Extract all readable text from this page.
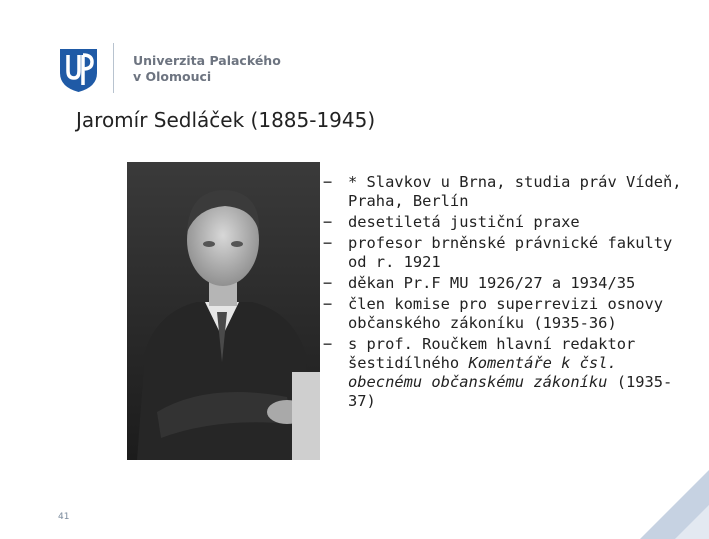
Univerzita Palackého
v Olomouci
Jaromír Sedláček (1885-1945)
− * Slavkov u Brna, studia práv Vídeň, Praha, Berlín
− desetiletá justiční praxe
− profesor brněnské právnické fakulty od r. 1921
− děkan Pr.F MU 1926/27 a 1934/35
− člen komise pro superrevizi osnovy občanského zákoníku (1935-36)
− s prof. Roučkem hlavní redaktor šestidílného Komentáře k čsl. obecnému občanskému zákoníku (1935-37)
41
